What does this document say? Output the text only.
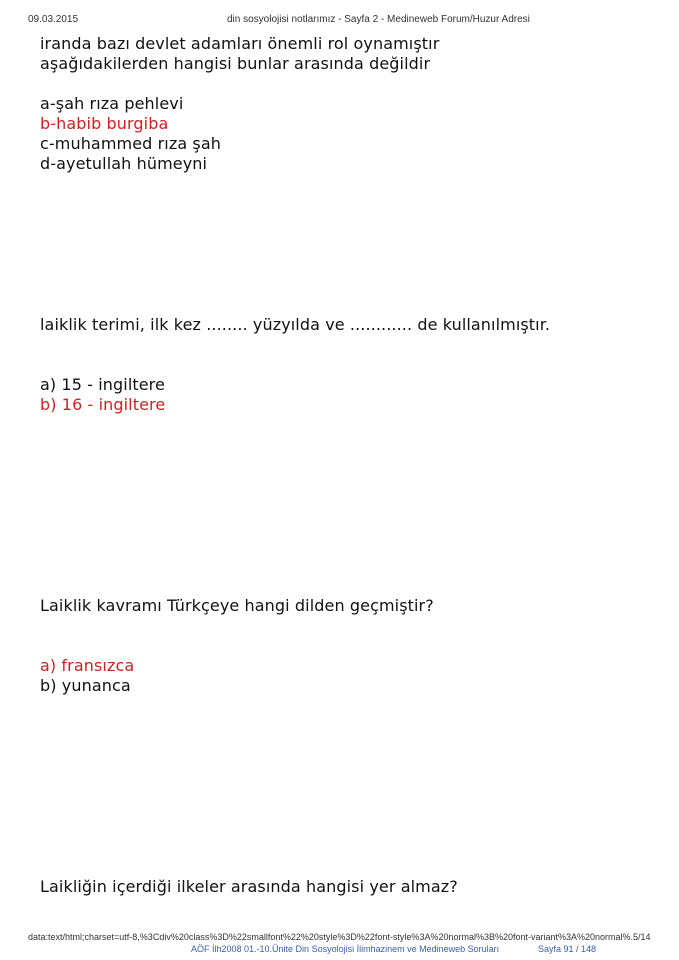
09.03.2015	din sosyolojisi notlarımız - Sayfa 2 - Medineweb Forum/Huzur Adresi
iranda bazı devlet adamları önemli rol oynamıştır
aşağıdakilerden hangisi bunlar arasında değildir
a-şah rıza pehlevi
b-habib burgiba
c-muhammed rıza şah
d-ayetullah hümeyni
laiklik terimi, ilk kez ........ yüzyılda ve ............ de kullanılmıştır.
a) 15 - ingiltere
b) 16 - ingiltere
Laiklik kavramı Türkçeye hangi dilden geçmiştir?
a) fransızca
b) yunanca
Laikliğin içerdiği ilkeler arasında hangisi yer almaz?
data:text/html;charset=utf-8,%3Cdiv%20class%3D%22smallfont%22%20style%3D%22font-style%3A%20normal%3B%20font-variant%3A%20normal%...
5/14
AÖF İlh2008 01.-10.Ünite Din Sosyolojisi İlimhazinem ve Medineweb Soruları	Sayfa 91 / 148
